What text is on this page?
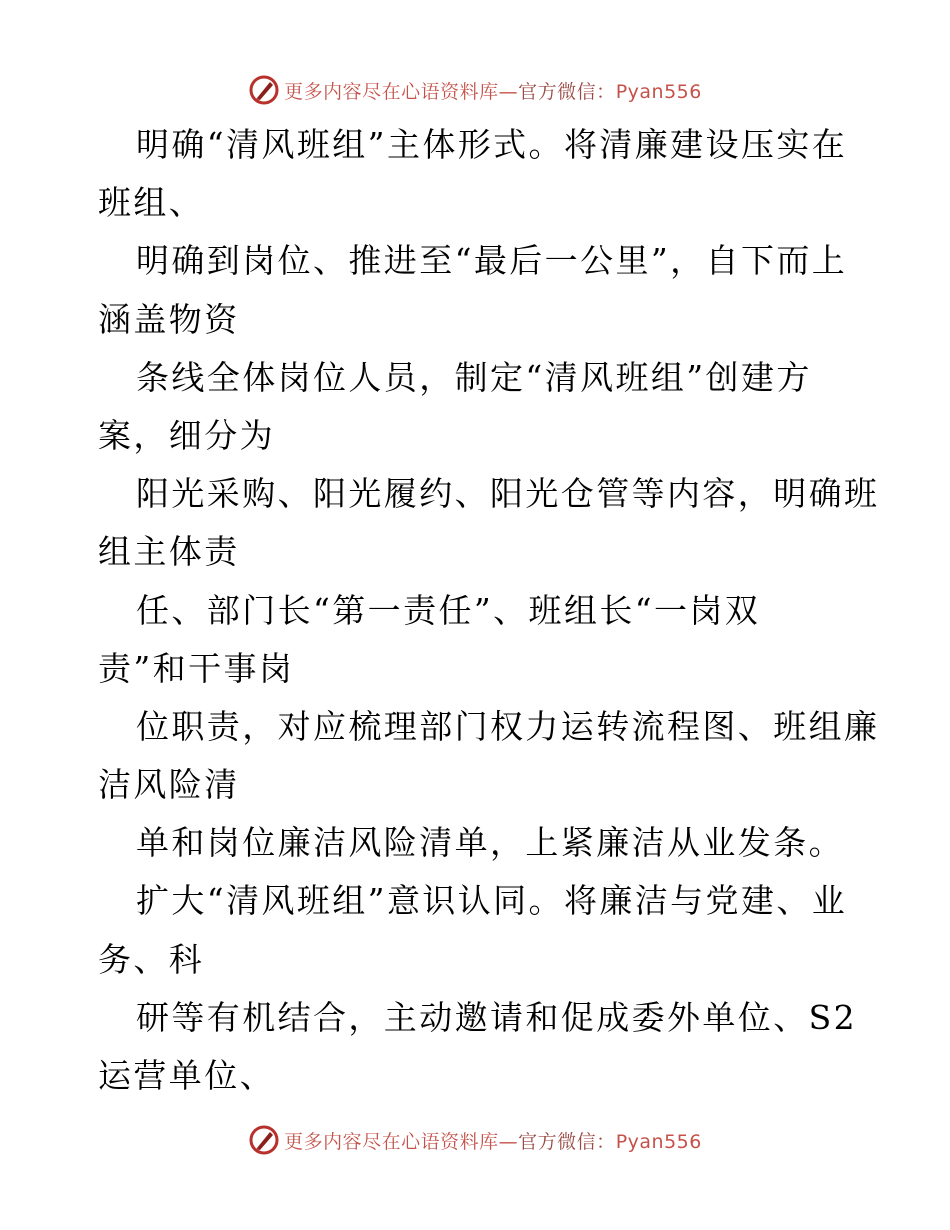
更多内容尽在心语资料库—官方微信：Pyan556
明确“清风班组”主体形式。将清廉建设压实在
班组、
明确到岗位、推进至“最后一公里”，自下而上
涵盖物资
条线全体岗位人员，制定“清风班组”创建方
案，细分为
阳光采购、阳光履约、阳光仓管等内容，明确班
组主体责
任、部门长“第一责任”、班组长“一岗双
责”和干事岗
位职责，对应梳理部门权力运转流程图、班组廉
洁风险清
单和岗位廉洁风险清单，上紧廉洁从业发条。
扩大“清风班组”意识认同。将廉洁与党建、业
务、科
研等有机结合，主动邀请和促成委外单位、S2
运营单位、
更多内容尽在心语资料库—官方微信：Pyan556
